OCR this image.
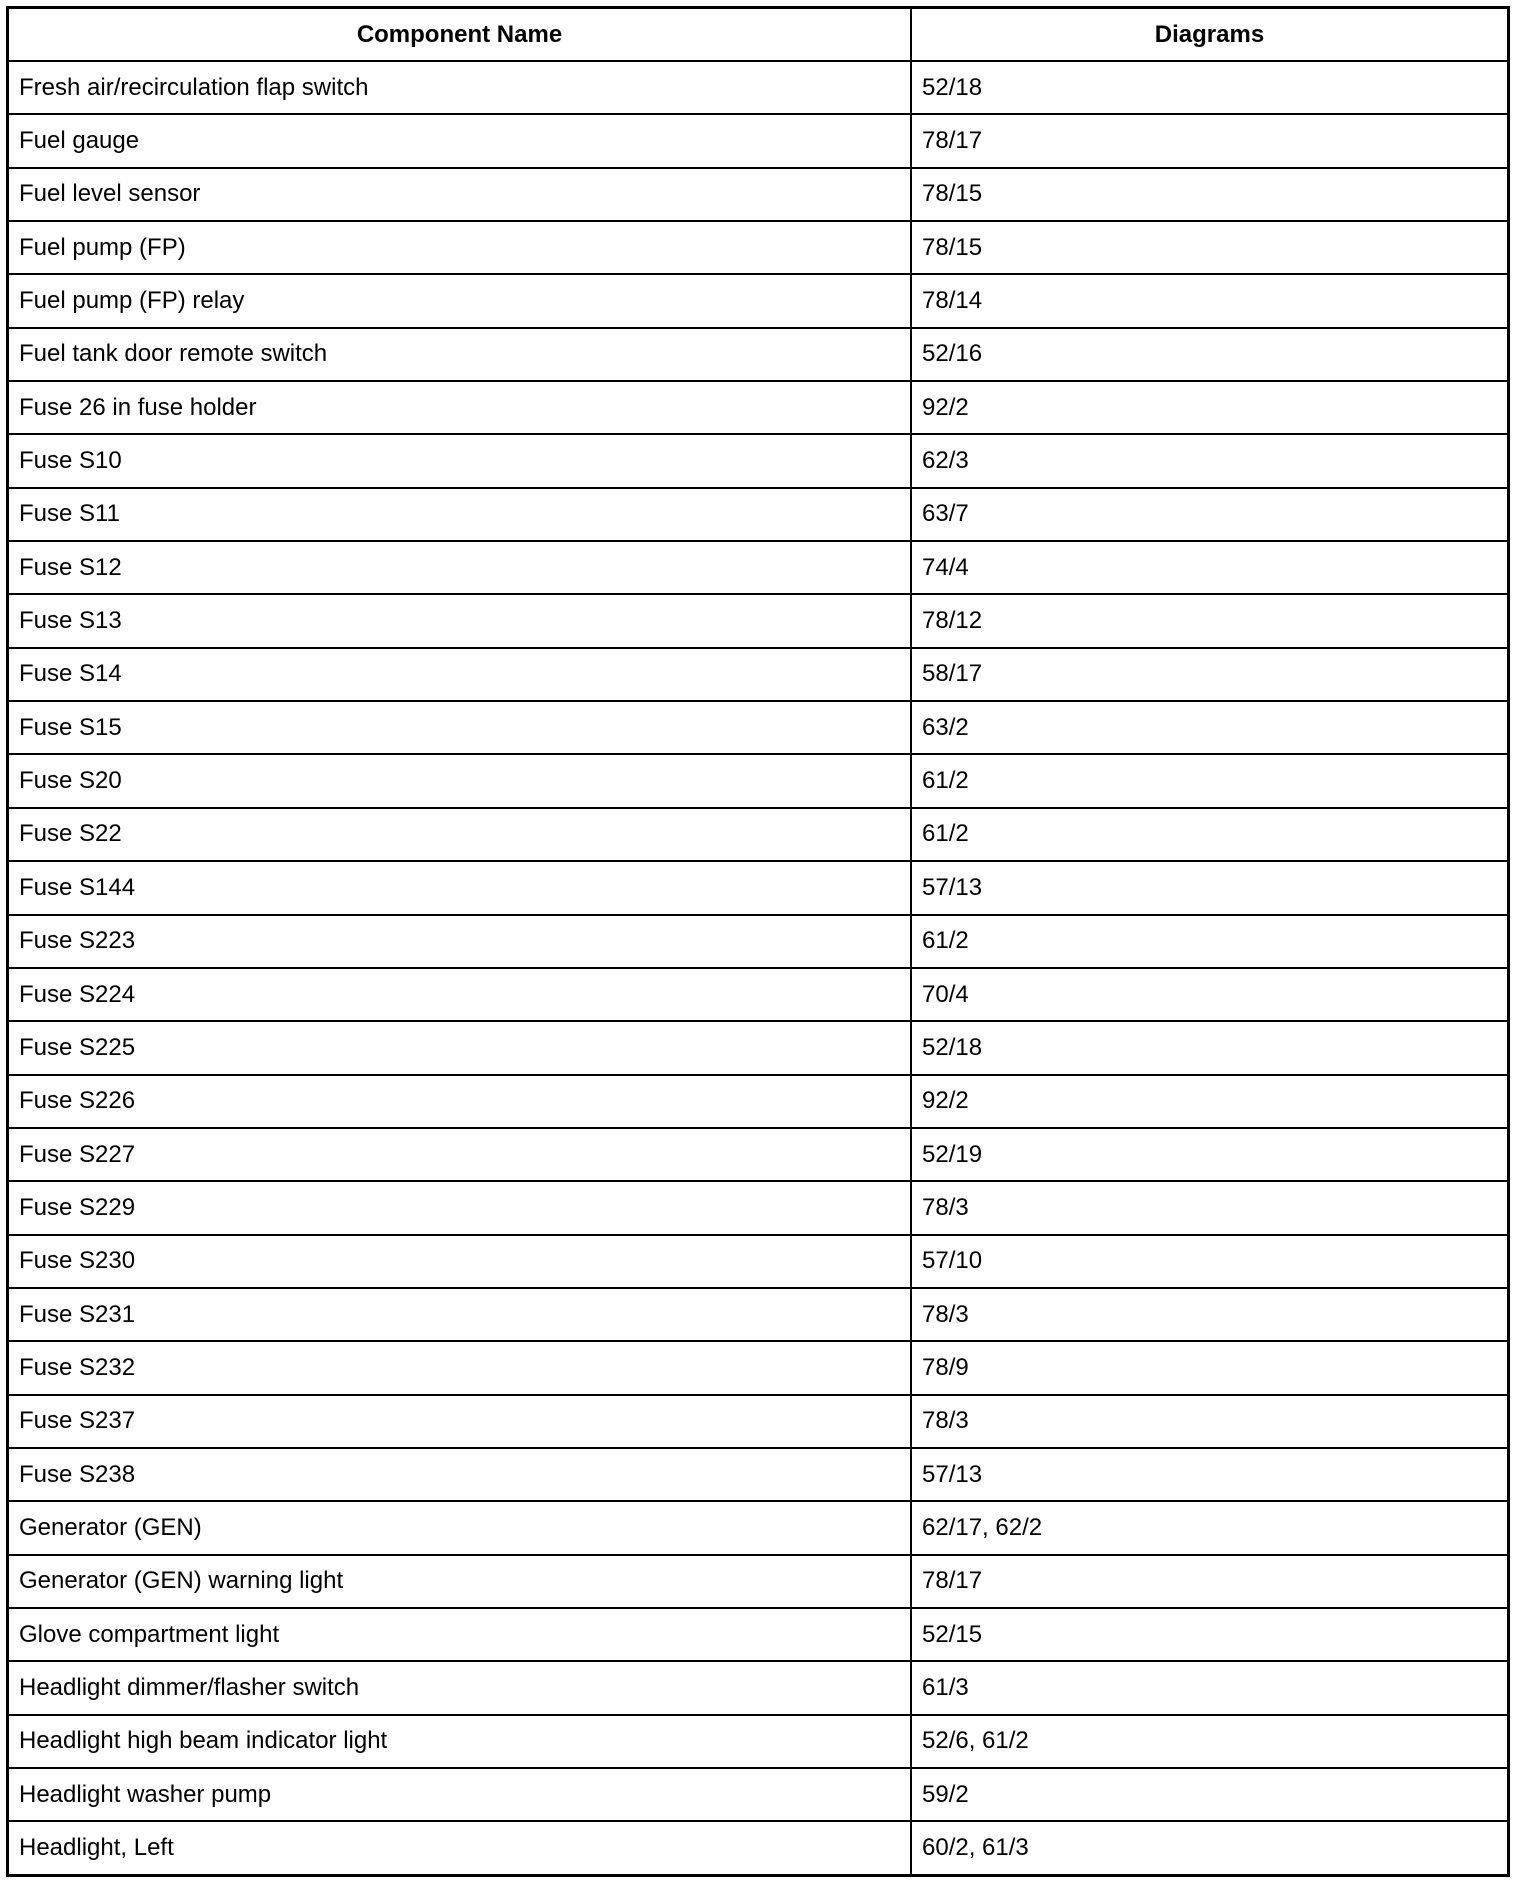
Component Name	Diagrams
Fresh air/recirculation flap switch	52/18
Fuel gauge	78/17
Fuel level sensor	78/15
Fuel pump (FP)	78/15
Fuel pump (FP) relay	78/14
Fuel tank door remote switch	52/16
Fuse 26 in fuse holder	92/2
Fuse S10	62/3
Fuse S11	63/7
Fuse S12	74/4
Fuse S13	78/12
Fuse S14	58/17
Fuse S15	63/2
Fuse S20	61/2
Fuse S22	61/2
Fuse S144	57/13
Fuse S223	61/2
Fuse S224	70/4
Fuse S225	52/18
Fuse S226	92/2
Fuse S227	52/19
Fuse S229	78/3
Fuse S230	57/10
Fuse S231	78/3
Fuse S232	78/9
Fuse S237	78/3
Fuse S238	57/13
Generator (GEN)	62/17, 62/2
Generator (GEN) warning light	78/17
Glove compartment light	52/15
Headlight dimmer/flasher switch	61/3
Headlight high beam indicator light	52/6, 61/2
Headlight washer pump	59/2
Headlight, Left	60/2, 61/3
